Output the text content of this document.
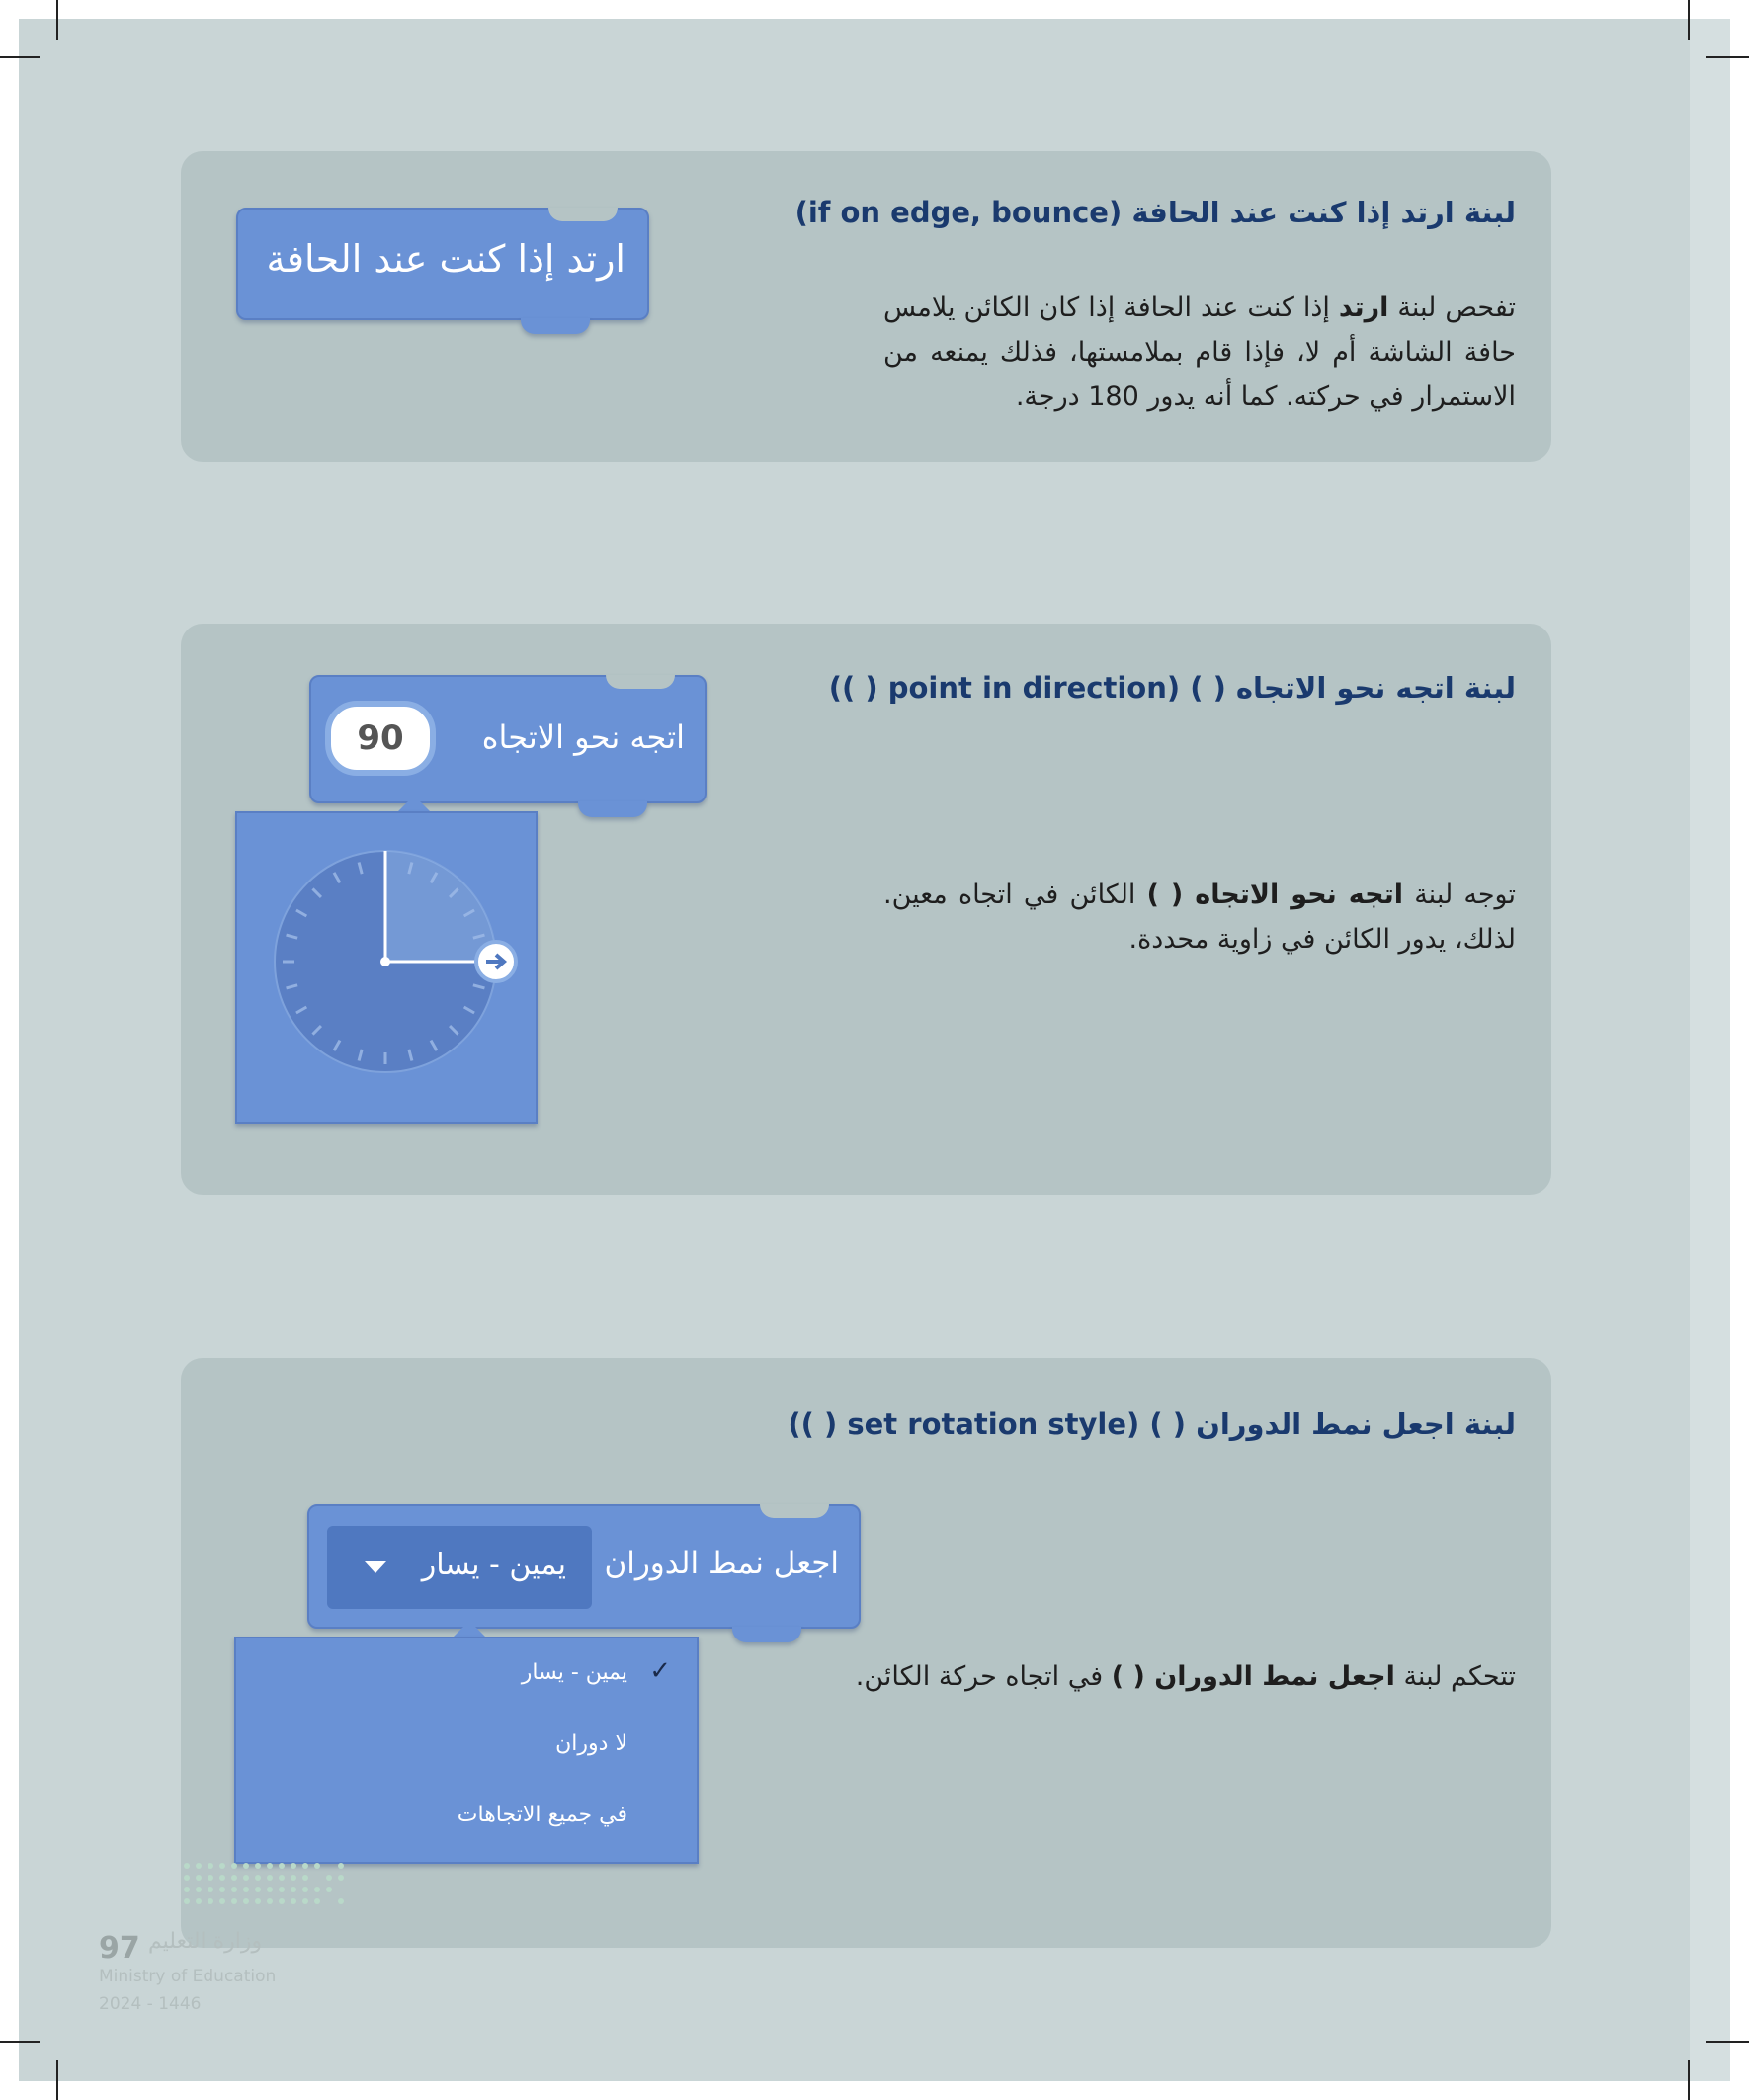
لبنة ارتد إذا كنت عند الحافة (if on edge, bounce)
تفحص لبنة ارتد إذا كنت عند الحافة إذا كان الكائن يلامس حافة الشاشة أم لا، فإذا قام بملامستها، فذلك يمنعه من الاستمرار في حركته. كما أنه يدور 180 درجة.
ارتد إذا كنت عند الحافة
لبنة اتجه نحو الاتجاه ( ) (point in direction ( ))
توجه لبنة اتجه نحو الاتجاه ( ) الكائن في اتجاه معين. لذلك، يدور الكائن في زاوية محددة.
اتجه نحو الاتجاه
90
لبنة اجعل نمط الدوران ( ) (set rotation style ( ))
تتحكم لبنة اجعل نمط الدوران ( ) في اتجاه حركة الكائن.
اجعل نمط الدوران
يمين - يسار
يمين - يسار ✓
لا دوران
في جميع الاتجاهات
97 وزارة التعليم
Ministry of Education
2024 - 1446
